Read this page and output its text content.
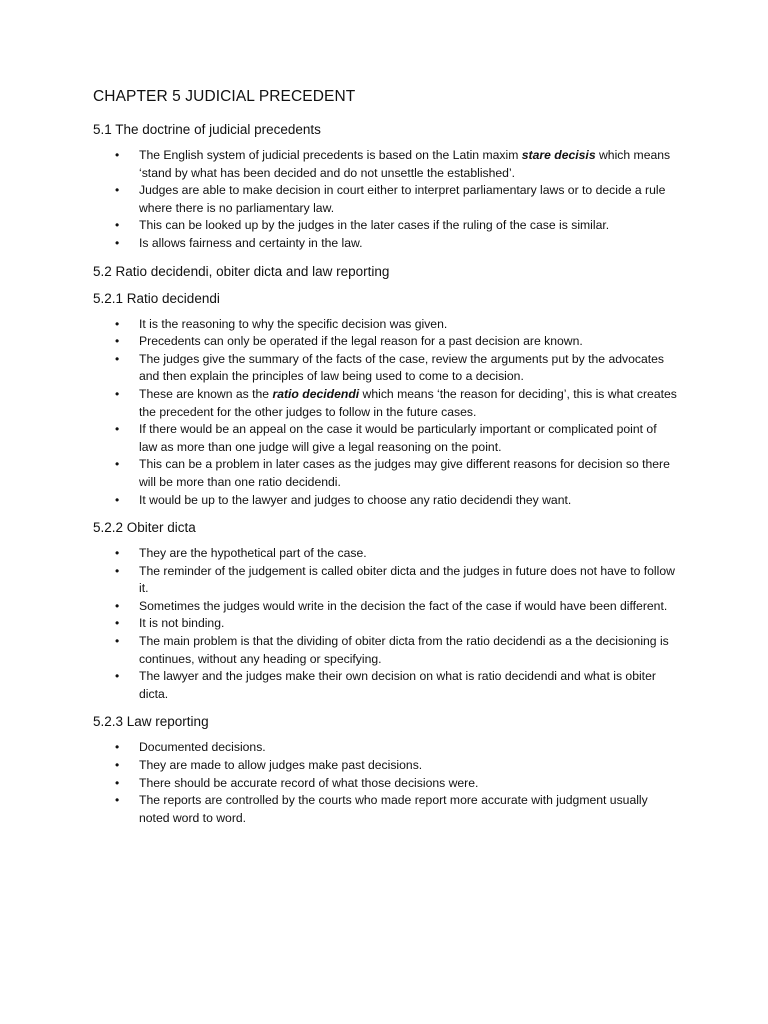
CHAPTER 5 JUDICIAL PRECEDENT
5.1 The doctrine of judicial precedents
• The English system of judicial precedents is based on the Latin maxim stare decisis which means ‘stand by what has been decided and do not unsettle the established’.
• Judges are able to make decision in court either to interpret parliamentary laws or to decide a rule where there is no parliamentary law.
• This can be looked up by the judges in the later cases if the ruling of the case is similar.
• Is allows fairness and certainty in the law.
5.2 Ratio decidendi, obiter dicta and law reporting
5.2.1 Ratio decidendi
• It is the reasoning to why the specific decision was given.
• Precedents can only be operated if the legal reason for a past decision are known.
• The judges give the summary of the facts of the case, review the arguments put by the advocates and then explain the principles of law being used to come to a decision.
• These are known as the ratio decidendi which means ‘the reason for deciding’, this is what creates the precedent for the other judges to follow in the future cases.
• If there would be an appeal on the case it would be particularly important or complicated point of law as more than one judge will give a legal reasoning on the point.
• This can be a problem in later cases as the judges may give different reasons for decision so there will be more than one ratio decidendi.
• It would be up to the lawyer and judges to choose any ratio decidendi they want.
5.2.2 Obiter dicta
• They are the hypothetical part of the case.
• The reminder of the judgement is called obiter dicta and the judges in future does not have to follow it.
• Sometimes the judges would write in the decision the fact of the case if would have been different.
• It is not binding.
• The main problem is that the dividing of obiter dicta from the ratio decidendi as a the decisioning is continues, without any heading or specifying.
• The lawyer and the judges make their own decision on what is ratio decidendi and what is obiter dicta.
5.2.3 Law reporting
• Documented decisions.
• They are made to allow judges make past decisions.
• There should be accurate record of what those decisions were.
• The reports are controlled by the courts who made report more accurate with judgment usually noted word to word.
